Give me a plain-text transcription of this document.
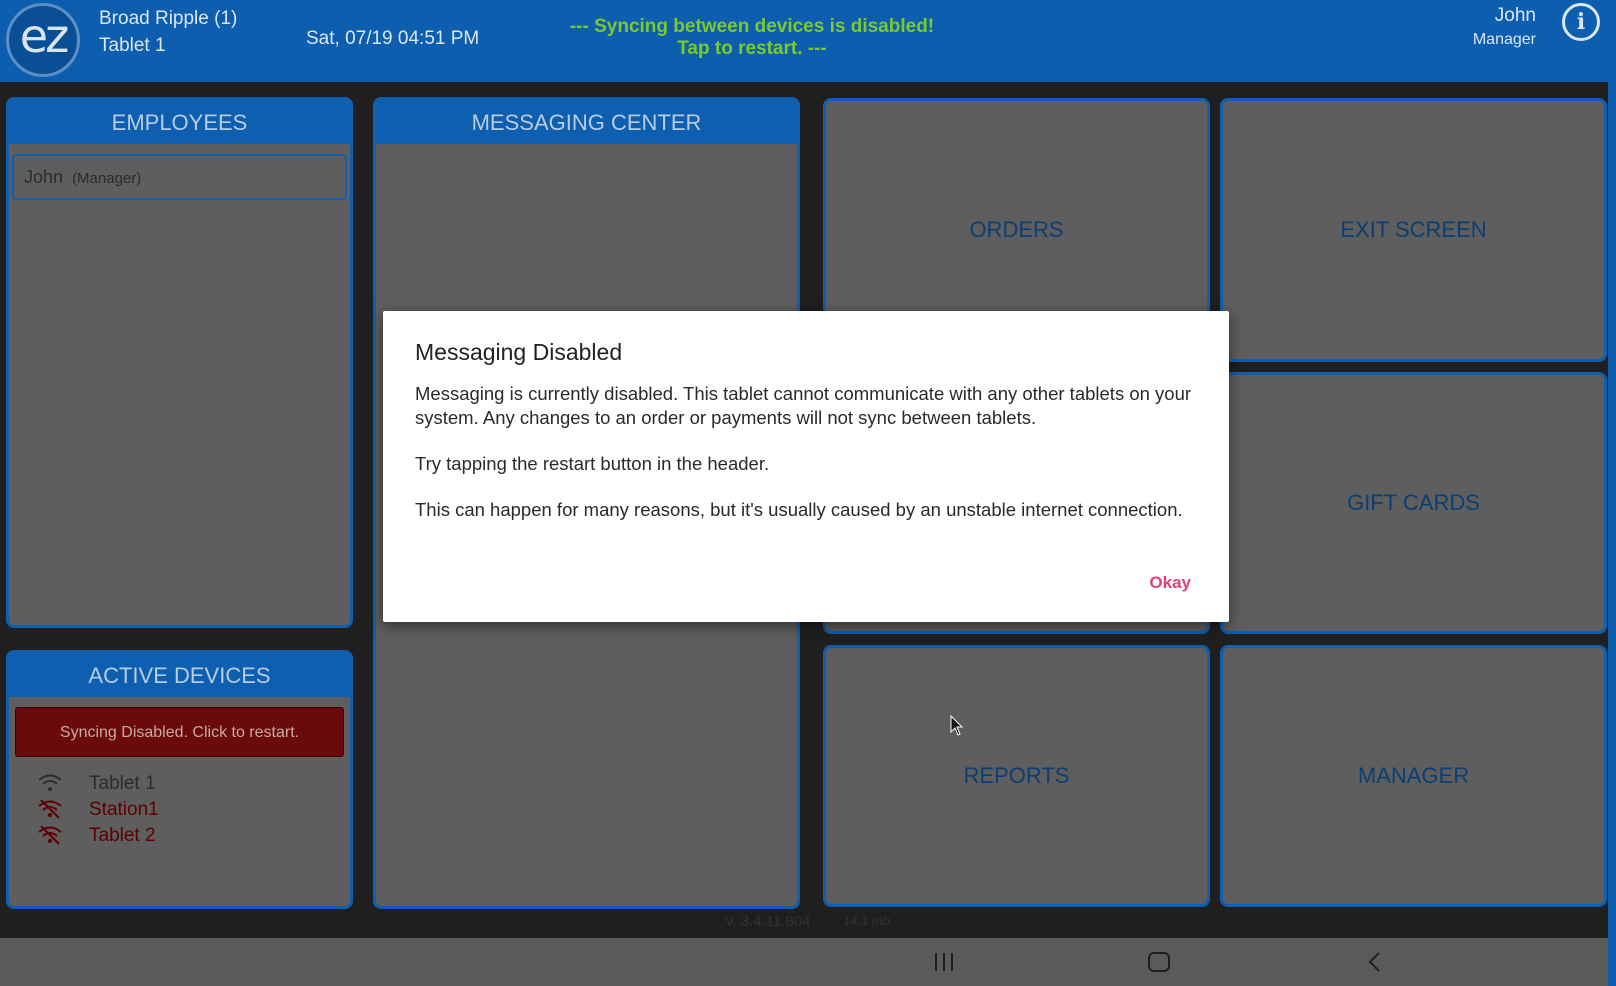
ez Broad Ripple (1)
Tablet 1	Sat, 07/19 04:51 PM
--- Syncing between devices is disabled! Tap to restart. ---
John
Manager
i
EMPLOYEES
John (Manager)
ACTIVE DEVICES
Syncing Disabled. Click to restart.
Tablet 1
Station1
Tablet 2
MESSAGING CENTER
ORDERS	EXIT SCREEN
GIFT CARDS
REPORTS	MANAGER
v. 3.4.11.804 14.1 mb
Messaging Disabled

Messaging is currently disabled. This tablet cannot communicate with any other tablets on your system. Any changes to an order or payments will not sync between tablets.

Try tapping the restart button in the header.

This can happen for many reasons, but it's usually caused by an unstable internet connection.

Okay
